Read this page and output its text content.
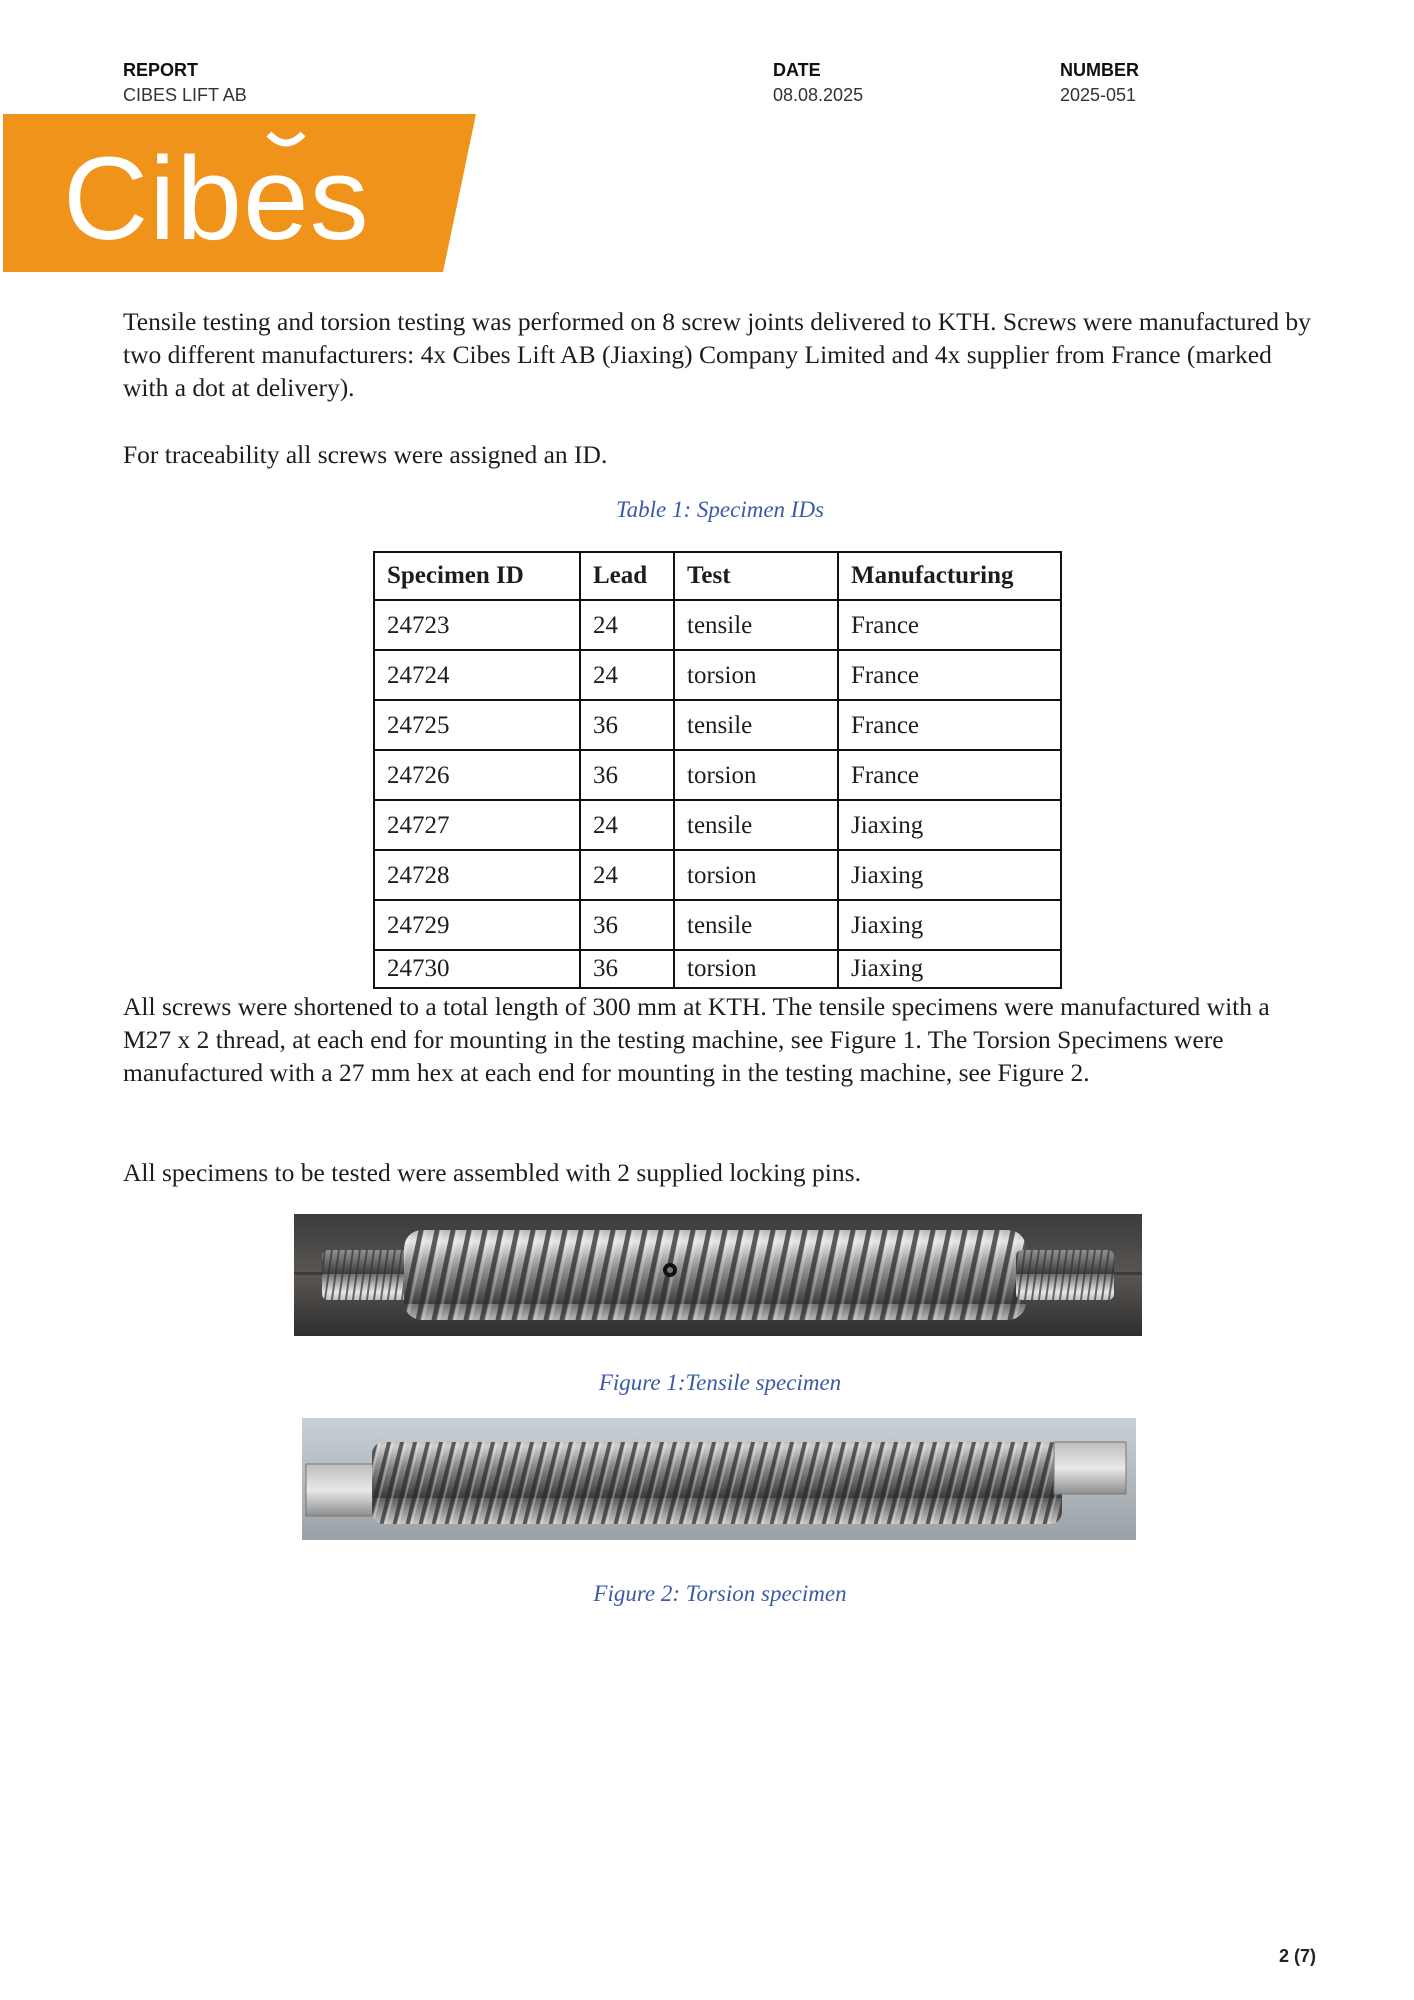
REPORT
CIBES LIFT AB
DATE
08.08.2025
NUMBER
2025-051
Cibes

Tensile testing and torsion testing was performed on 8 screw joints delivered to KTH. Screws were manufactured by two different manufacturers: 4x Cibes Lift AB (Jiaxing) Company Limited and 4x supplier from France (marked with a dot at delivery).

For traceability all screws were assigned an ID.

Table 1: Specimen IDs
Specimen ID	Lead	Test	Manufacturing
24723	24	tensile	France
24724	24	torsion	France
24725	36	tensile	France
24726	36	torsion	France
24727	24	tensile	Jiaxing
24728	24	torsion	Jiaxing
24729	36	tensile	Jiaxing
24730	36	torsion	Jiaxing

All screws were shortened to a total length of 300 mm at KTH. The tensile specimens were manufactured with a M27 x 2 thread, at each end for mounting in the testing machine, see Figure 1. The Torsion Specimens were manufactured with a 27 mm hex at each end for mounting in the testing machine, see Figure 2.

All specimens to be tested were assembled with 2 supplied locking pins.

Figure 1:Tensile specimen
Figure 2: Torsion specimen
2 (7)
